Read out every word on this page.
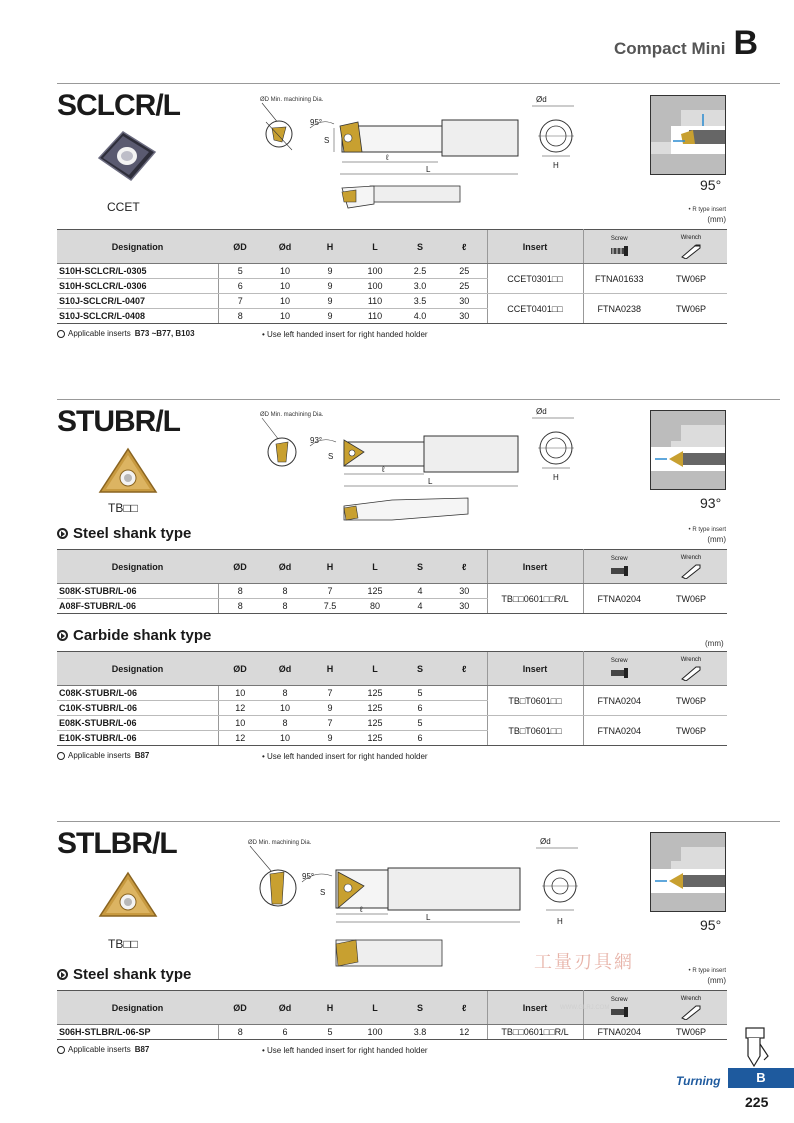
Compact Mini B
SCLCR/L
CCET
ØD Min. machining Dia.
95°
S
ℓ
L
Ød
H
95°
• R type insert
(mm)
Designation	ØD	Ød	H	L	S	ℓ	Insert	Screw	Wrench

S10H-SCLCR/L-0305	5	10	9	100	2.5	25	CCET0301□□	FTNA01633	TW06P
S10H-SCLCR/L-0306	6	10	9	100	3.0	25			
S10J-SCLCR/L-0407	7	10	9	110	3.5	30	CCET0401□□	FTNA0238	TW06P
S10J-SCLCR/L-0408	8	10	9	110	4.0	30			
Applicable inserts B73 ~B77, B103	• Use left handed insert for right handed holder
STUBR/L
TB□□
ØD Min. machining Dia.
93°
S
ℓ
L
Ød
H
93°
Steel shank type	• R type insert
(mm)
Designation	ØD	Ød	H	L	S	ℓ	Insert	Screw	Wrench

S08K-STUBR/L-06	8	8	7	125	4	30	TB□□0601□□R/L	FTNA0204	TW06P
A08F-STUBR/L-06	8	8	7.5	80	4	30			
Carbide shank type	(mm)
Designation	ØD	Ød	H	L	S	ℓ	Insert	Screw	Wrench

C08K-STUBR/L-06	10	8	7	125	5		TB□T0601□□	FTNA0204	TW06P
C10K-STUBR/L-06	12	10	9	125	6				
E08K-STUBR/L-06	10	8	7	125	5		TB□T0601□□	FTNA0204	TW06P
E10K-STUBR/L-06	12	10	9	125	6				
Applicable inserts B87	• Use left handed insert for right handed holder
STLBR/L
TB□□
ØD Min. machining Dia.
95°
S
ℓ
L
Ød
H	95°
Steel shank type	• R type insert
(mm)
工量刃具網
Designation	ØD	Ød	H	L	S	ℓ	Insert	Screw	Wrench

S06H-STLBR/L-06-SP	8	6	5	100	3.8	12	TB□□0601□□R/L	FTNA0204	TW06P
WWW.GLRJ.COM
Applicable inserts B87	• Use left handed insert for right handed holder
Turning	B
225
